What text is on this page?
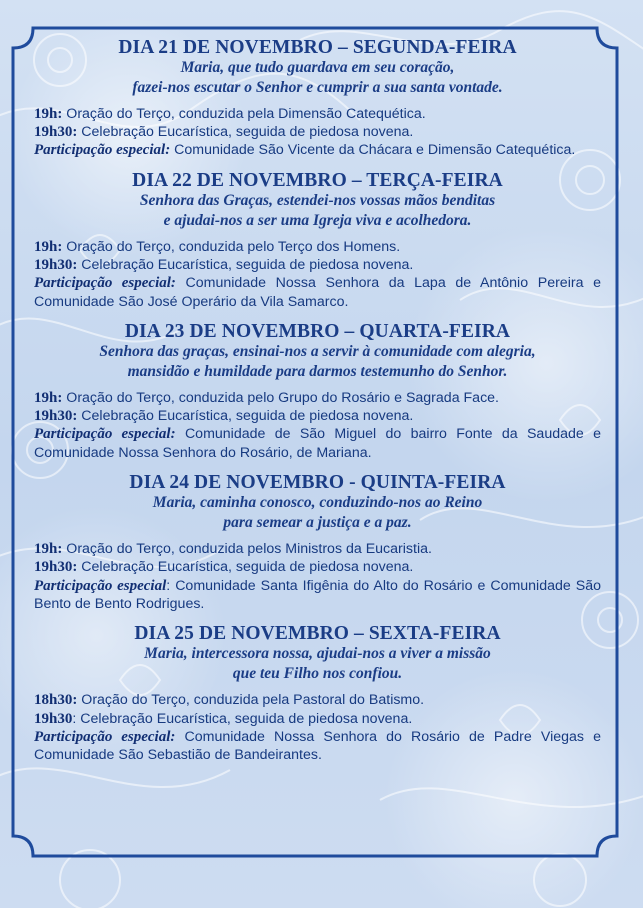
DIA 21 DE NOVEMBRO – SEGUNDA-FEIRA
Maria, que tudo guardava em seu coração,
fazei-nos escutar o Senhor e cumprir a sua santa vontade.
19h: Oração do Terço, conduzida pela Dimensão Catequética.
19h30: Celebração Eucarística, seguida de piedosa novena.
Participação especial: Comunidade São Vicente da Chácara e Dimensão Catequética.
DIA 22 DE NOVEMBRO – TERÇA-FEIRA
Senhora das Graças, estendei-nos vossas mãos benditas
e ajudai-nos a ser uma Igreja viva e acolhedora.
19h: Oração do Terço, conduzida pelo Terço dos Homens.
19h30: Celebração Eucarística, seguida de piedosa novena.
Participação especial: Comunidade Nossa Senhora da Lapa de Antônio Pereira e Comunidade São José Operário da Vila Samarco.
DIA 23 DE NOVEMBRO – QUARTA-FEIRA
Senhora das graças, ensinai-nos a servir à comunidade com alegria,
mansidão e humildade para darmos testemunho do Senhor.
19h: Oração do Terço, conduzida pelo Grupo do Rosário e Sagrada Face.
19h30: Celebração Eucarística, seguida de piedosa novena.
Participação especial: Comunidade de São Miguel do bairro Fonte da Saudade e Comunidade Nossa Senhora do Rosário, de Mariana.
DIA 24 DE NOVEMBRO - QUINTA-FEIRA
Maria, caminha conosco, conduzindo-nos ao Reino
para semear a justiça e a paz.
19h: Oração do Terço, conduzida pelos Ministros da Eucaristia.
19h30: Celebração Eucarística, seguida de piedosa novena.
Participação especial: Comunidade Santa Ifigênia do Alto do Rosário e Comunidade São Bento de Bento Rodrigues.
DIA 25 DE NOVEMBRO – SEXTA-FEIRA
Maria, intercessora nossa, ajudai-nos a viver a missão
que teu Filho nos confiou.
18h30: Oração do Terço, conduzida pela Pastoral do Batismo.
19h30: Celebração Eucarística, seguida de piedosa novena.
Participação especial: Comunidade Nossa Senhora do Rosário de Padre Viegas e Comunidade São Sebastião de Bandeirantes.
